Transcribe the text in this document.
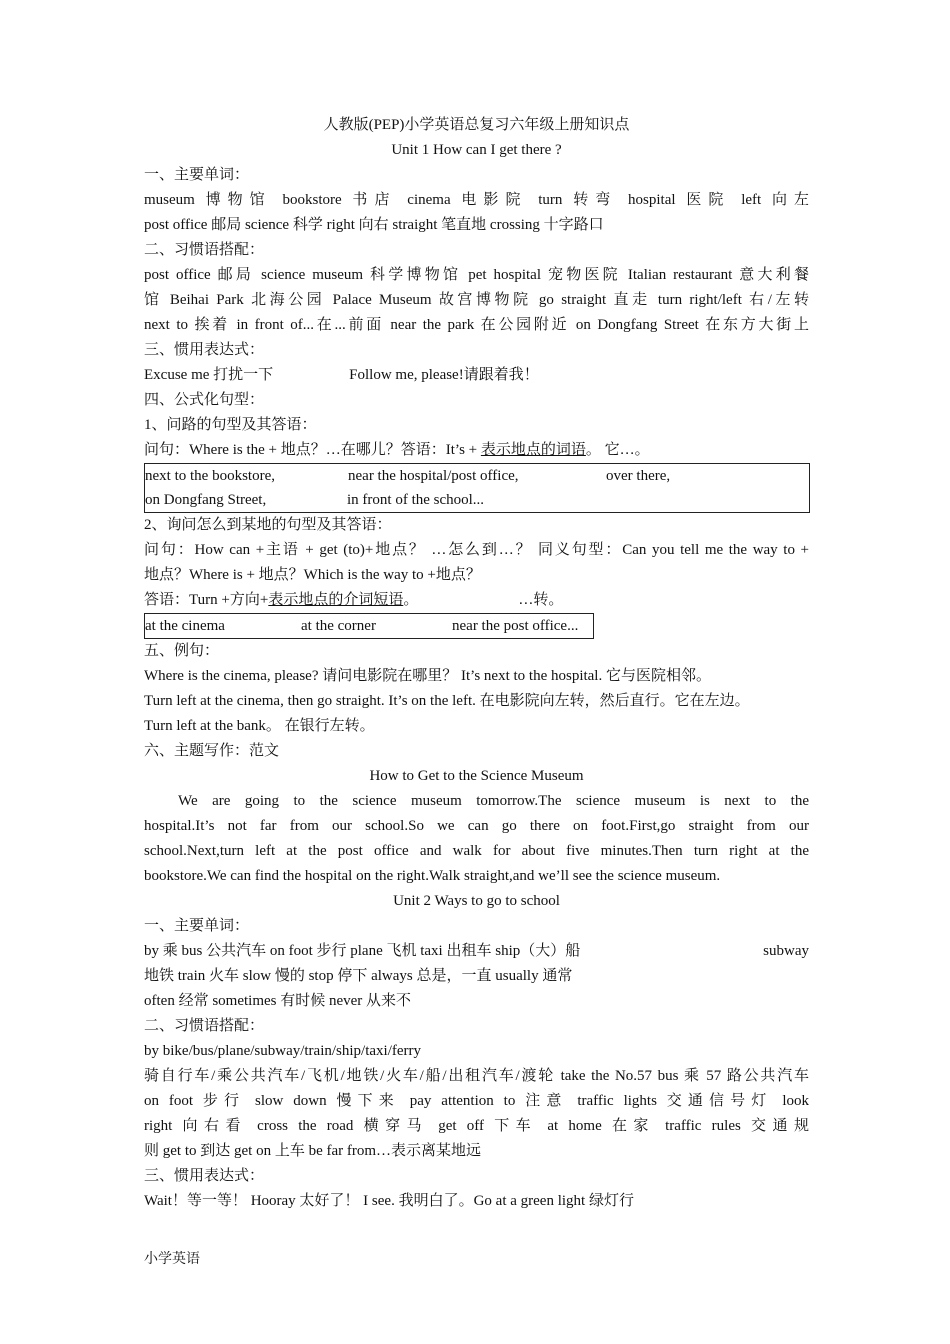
人教版(PEP)小学英语总复习六年级上册知识点
Unit 1 How can I get there ?
一、主要单词：
museum 博物馆 bookstore 书店 cinema 电影院 turn 转弯 hospital 医院 left 向左
post office 邮局 science 科学 right 向右 straight 笔直地 crossing 十字路口
二、习惯语搭配：
post office 邮局 science museum 科学博物馆 pet hospital 宠物医院 Italian restaurant 意大利餐
馆 Beihai Park 北海公园 Palace Museum 故宫博物院 go straight 直走 turn right/left 右/左转
next to 挨着 in front of...在...前面 near the park 在公园附近 on Dongfang Street 在东方大街上
三、惯用表达式：
Excuse me 打扰一下	Follow me, please!请跟着我！
四、公式化句型：
1、问路的句型及其答语：
问句：Where is the + 地点？…在哪儿？答语：It’s + 表示地点的词语。 它…。
next to the bookstore,	near the hospital/post office,	over there,
on Dongfang Street,	in front of the school...
2、询问怎么到某地的句型及其答语：
问句：How can +主语 + get (to)+地点？ …怎么到…？ 同义句型：Can you tell me the way to +
地点？Where is + 地点？Which is the way to +地点？
答语：Turn +方向+表示地点的介词短语。	…转。
at the cinema	at the corner	near the post office...
五、例句：
Where is the cinema, please? 请问电影院在哪里？ It’s next to the hospital. 它与医院相邻。
Turn left at the cinema, then go straight. It’s on the left. 在电影院向左转，然后直行。它在左边。
Turn left at the bank。 在银行左转。
六、主题写作：范文
How to Get to the Science Museum
We are going to the science museum tomorrow.The science museum is next to the
hospital.It’s not far from our school.So we can go there on foot.First,go straight from our
school.Next,turn left at the post office and walk for about five minutes.Then turn right at the
bookstore.We can find the hospital on the right.Walk straight,and we’ll see the science museum.
Unit 2 Ways to go to school
一、主要单词：
by 乘 bus 公共汽车 on foot 步行 plane 飞机 taxi 出租车 ship（大）船	subway
地铁 train 火车 slow 慢的 stop 停下 always 总是，一直 usually 通常
often 经常 sometimes 有时候 never 从来不
二、习惯语搭配：
by bike/bus/plane/subway/train/ship/taxi/ferry
骑自行车/乘公共汽车/飞机/地铁/火车/船/出租汽车/渡轮 take the No.57 bus 乘 57 路公共汽车
on foot 步行 slow down 慢下来 pay attention to 注意 traffic lights 交通信号灯 look
right 向右看 cross the road 横穿马 get off 下车 at home 在家 traffic rules 交通规
则 get to 到达 get on 上车 be far from…表示离某地远
三、惯用表达式：
Wait！等一等！ Hooray 太好了！ I see. 我明白了。Go at a green light 绿灯行
小学英语
